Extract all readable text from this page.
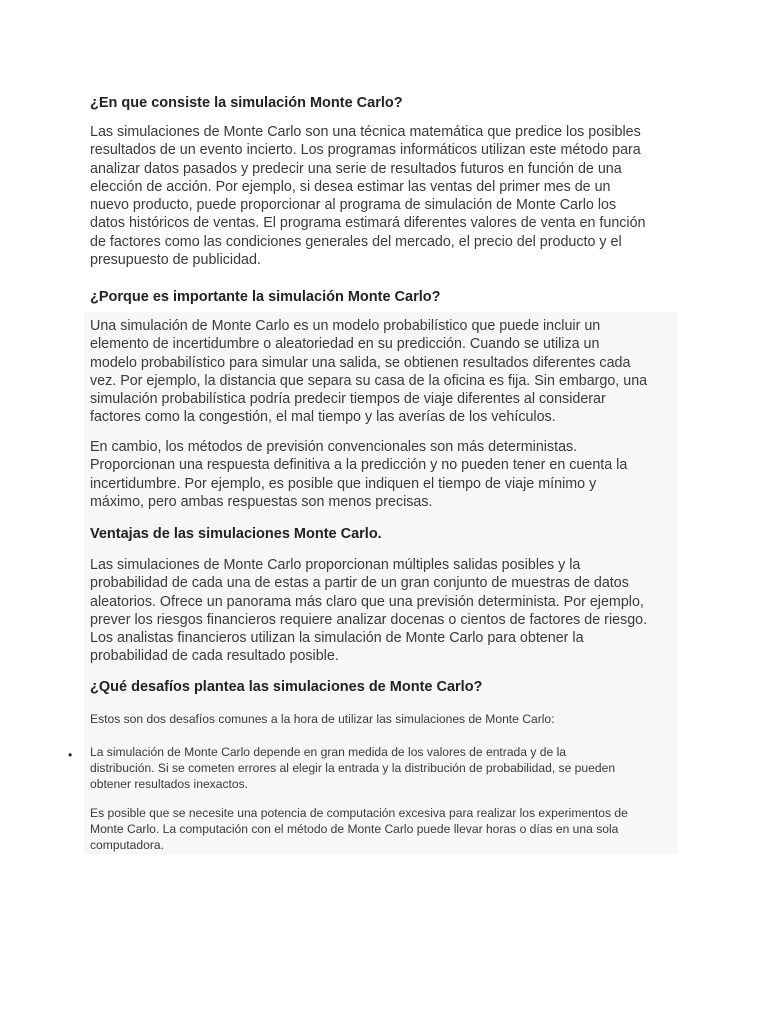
¿En que consiste la simulación Monte Carlo?
Las simulaciones de Monte Carlo son una técnica matemática que predice los posibles
resultados de un evento incierto. Los programas informáticos utilizan este método para
analizar datos pasados y predecir una serie de resultados futuros en función de una
elección de acción. Por ejemplo, si desea estimar las ventas del primer mes de un
nuevo producto, puede proporcionar al programa de simulación de Monte Carlo los
datos históricos de ventas. El programa estimará diferentes valores de venta en función
de factores como las condiciones generales del mercado, el precio del producto y el
presupuesto de publicidad.
¿Porque es importante la simulación Monte Carlo?
Una simulación de Monte Carlo es un modelo probabilístico que puede incluir un
elemento de incertidumbre o aleatoriedad en su predicción. Cuando se utiliza un
modelo probabilístico para simular una salida, se obtienen resultados diferentes cada
vez. Por ejemplo, la distancia que separa su casa de la oficina es fija. Sin embargo, una
simulación probabilística podría predecir tiempos de viaje diferentes al considerar
factores como la congestión, el mal tiempo y las averías de los vehículos.
En cambio, los métodos de previsión convencionales son más deterministas.
Proporcionan una respuesta definitiva a la predicción y no pueden tener en cuenta la
incertidumbre. Por ejemplo, es posible que indiquen el tiempo de viaje mínimo y
máximo, pero ambas respuestas son menos precisas.
Ventajas de las simulaciones Monte Carlo.
Las simulaciones de Monte Carlo proporcionan múltiples salidas posibles y la
probabilidad de cada una de estas a partir de un gran conjunto de muestras de datos
aleatorios. Ofrece un panorama más claro que una previsión determinista. Por ejemplo,
prever los riesgos financieros requiere analizar docenas o cientos de factores de riesgo.
Los analistas financieros utilizan la simulación de Monte Carlo para obtener la
probabilidad de cada resultado posible.
¿Qué desafíos plantea las simulaciones de Monte Carlo?
Estos son dos desafíos comunes a la hora de utilizar las simulaciones de Monte Carlo:
• La simulación de Monte Carlo depende en gran medida de los valores de entrada y de la
distribución. Si se cometen errores al elegir la entrada y la distribución de probabilidad, se pueden
obtener resultados inexactos.
Es posible que se necesite una potencia de computación excesiva para realizar los experimentos de
Monte Carlo. La computación con el método de Monte Carlo puede llevar horas o días en una sola
computadora.
